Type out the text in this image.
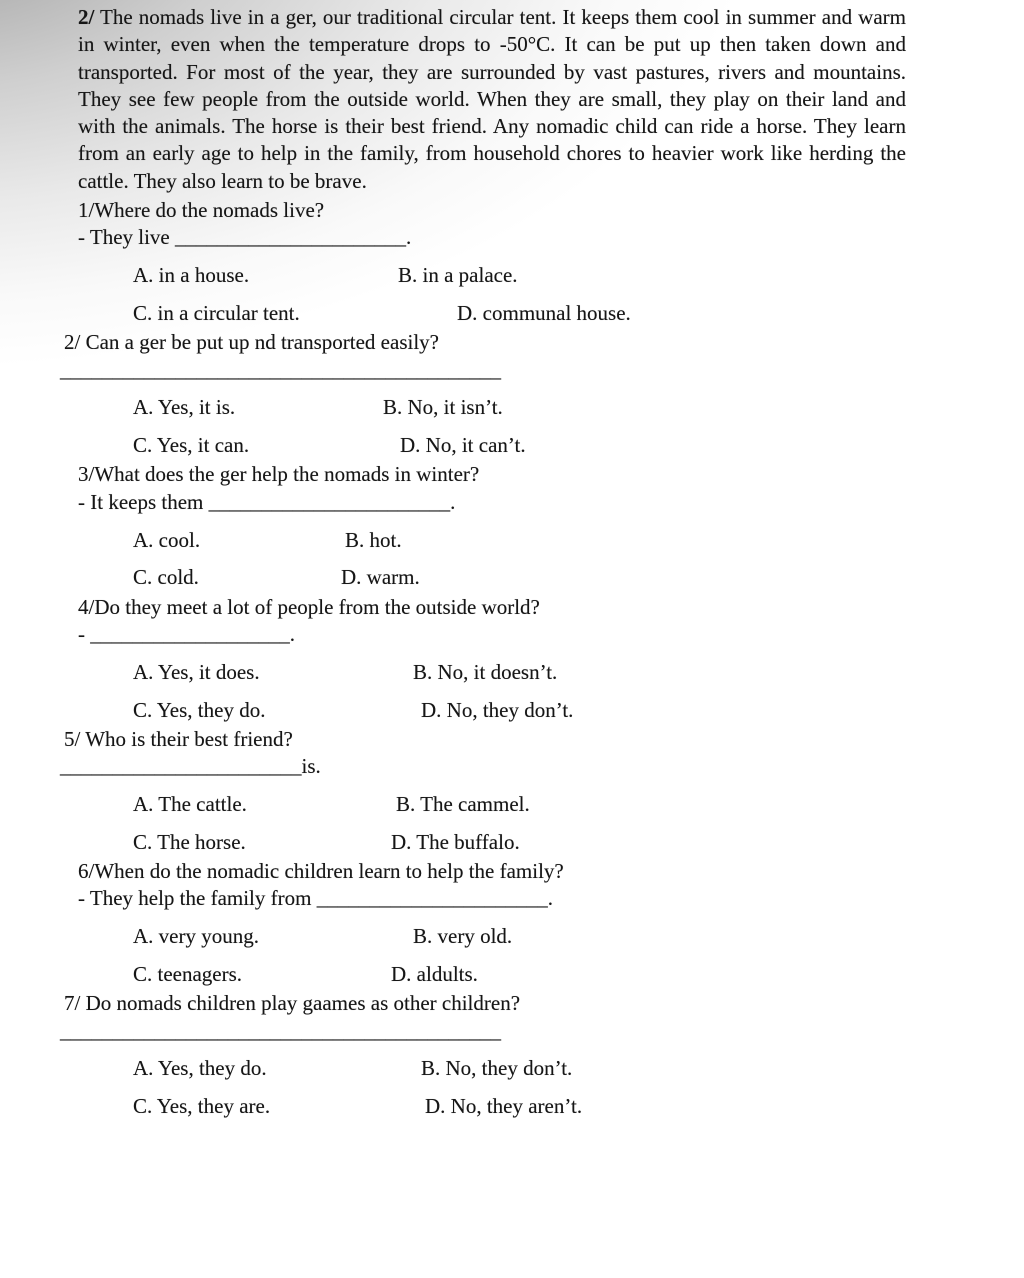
2/ The nomads live in a ger, our traditional circular tent. It keeps them cool in summer and warm in winter, even when the temperature drops to -50°C. It can be put up then taken down and transported. For most of the year, they are surrounded by vast pastures, rivers and mountains. They see few people from the outside world. When they are small, they play on their land and with the animals. The horse is their best friend. Any nomadic child can ride a horse. They learn from an early age to help in the family, from household chores to heavier work like herding the cattle. They also learn to be brave.

1/Where do the nomads live?
- They live ______________________.
A. in a house.	B. in a palace.
C. in a circular tent.	D. communal house.
2/ Can a ger be put up nd transported easily?
__________________________________________
A. Yes, it is.	B. No, it isn’t.
C. Yes, it can.	D. No, it can’t.
3/What does the ger help the nomads in winter?
- It keeps them _______________________.
A. cool.	B. hot.
C. cold.	D. warm.
4/Do they meet a lot of people from the outside world?
- ___________________.
A. Yes, it does.	B. No, it doesn’t.
C. Yes, they do.	D. No, they don’t.
5/ Who is their best friend?
_______________________is.
A. The cattle.	B. The cammel.
C. The horse.	D. The buffalo.
6/When do the nomadic children learn to help the family?
- They help the family from ______________________.
A. very young.	B. very old.
C. teenagers.	D. aldults.
7/ Do nomads children play gaames as other children?
__________________________________________
A. Yes, they do.	B. No, they don’t.
C. Yes, they are.	D. No, they aren’t.
